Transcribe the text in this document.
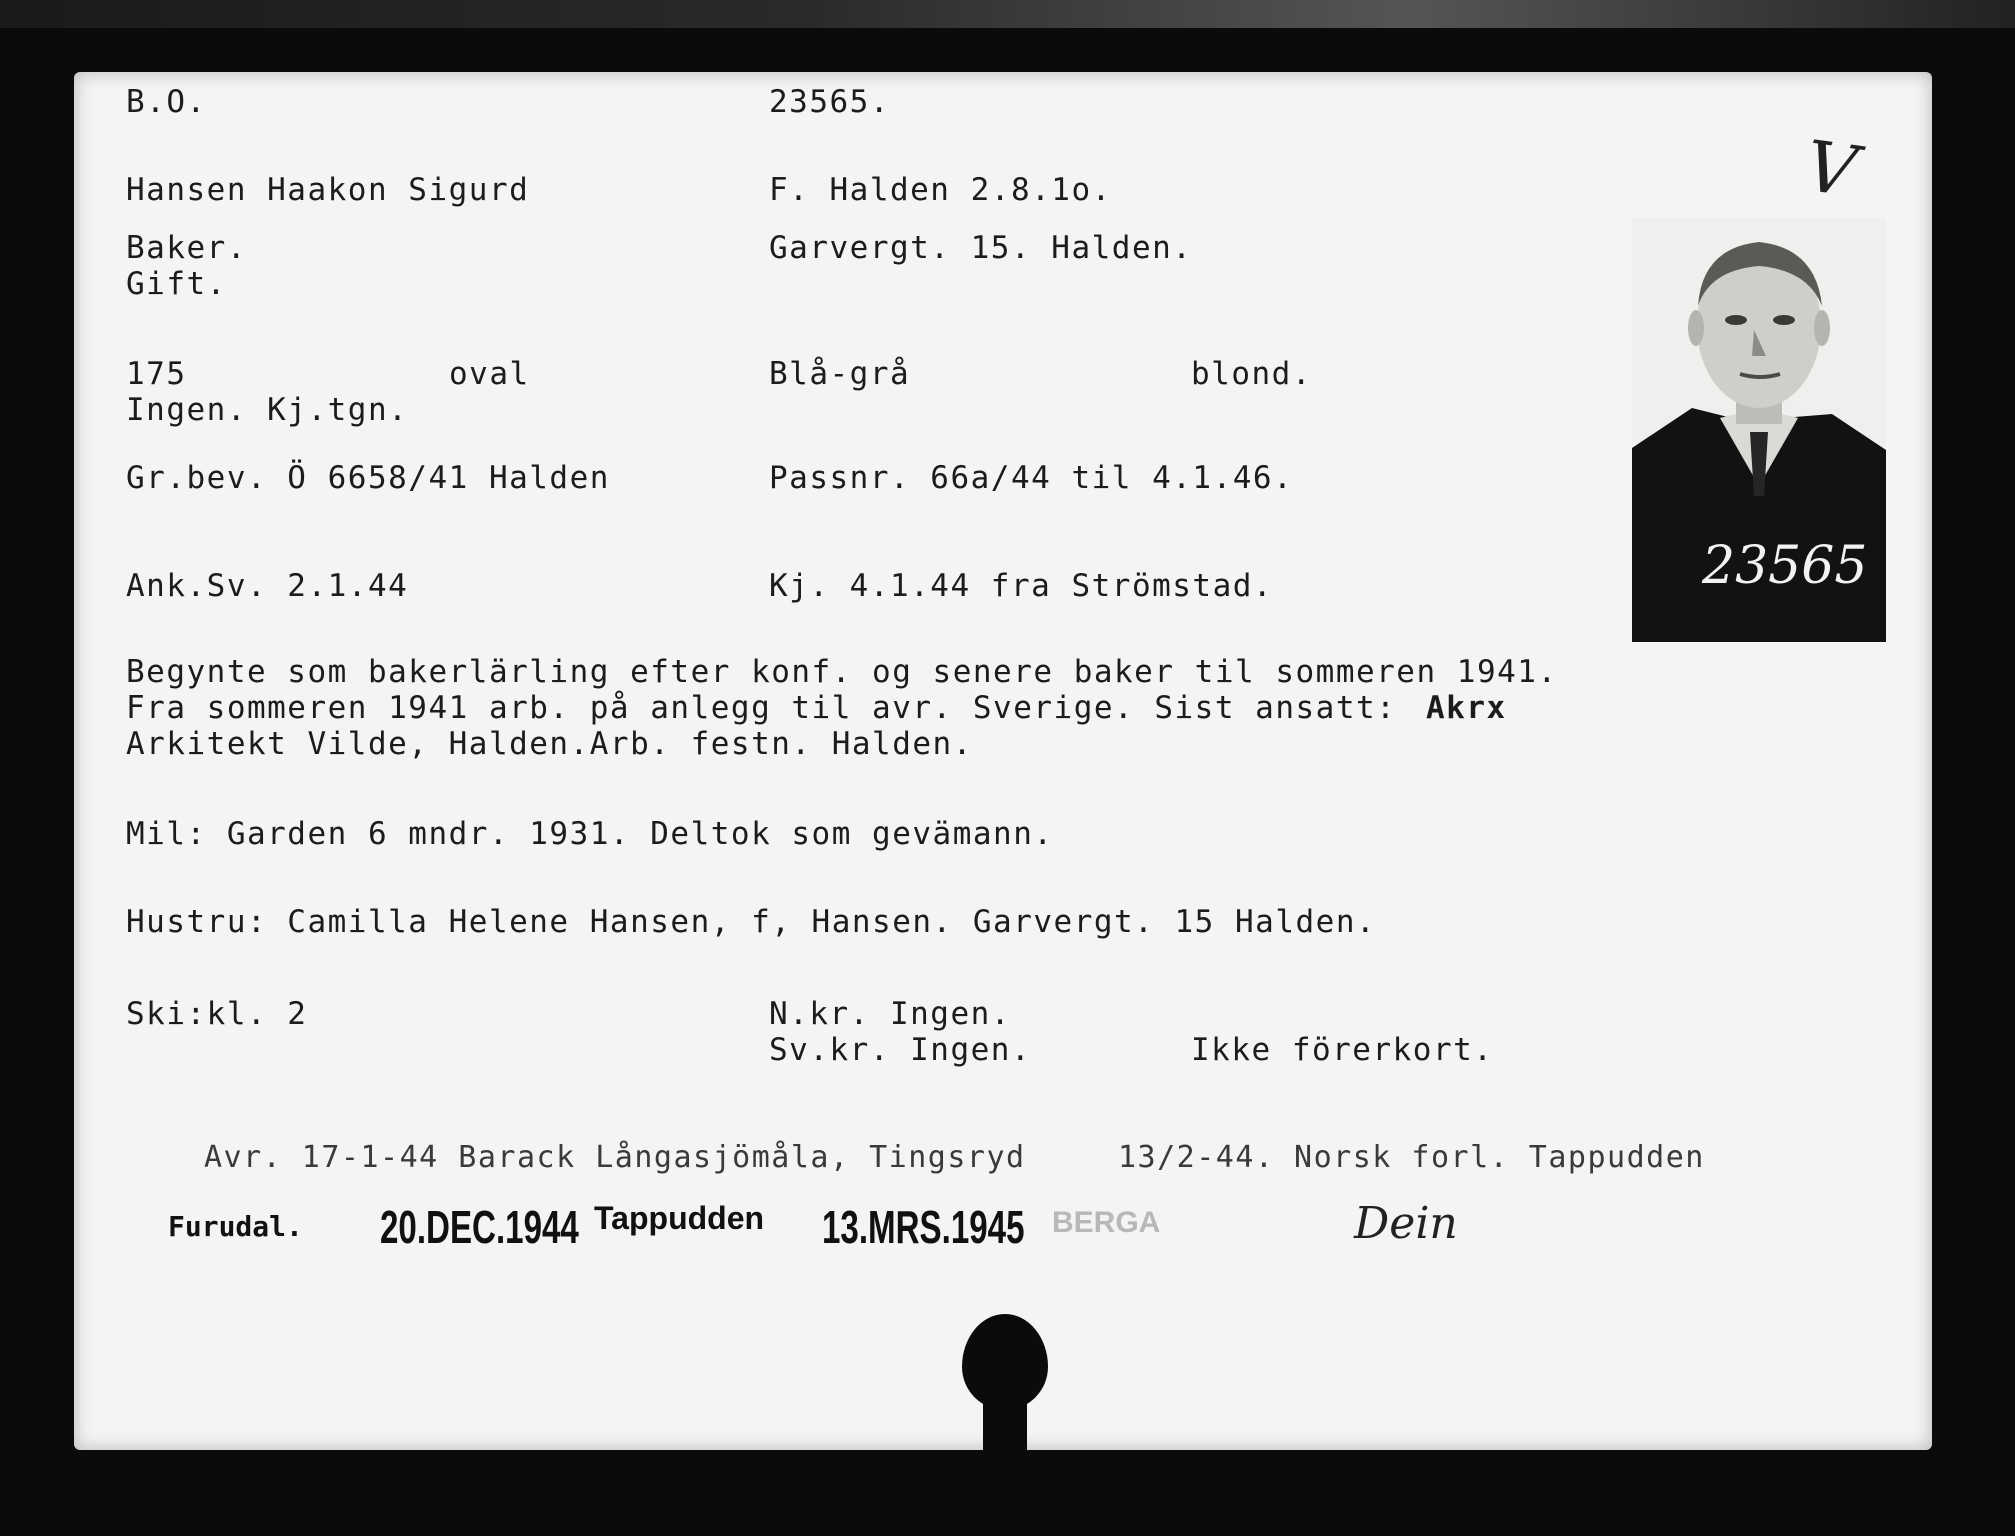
B.O.	23565.
V
Hansen Haakon Sigurd	F. Halden 2.8.1o.
Baker.	Garvergt. 15. Halden.
Gift.
175	oval	Blå-grå	blond.
Ingen. Kj.tgn.
Gr.bev. Ö 6658/41 Halden	Passnr. 66a/44 til 4.1.46.
Ank.Sv. 2.1.44	Kj. 4.1.44 fra Strömstad.
Begynte som bakerlärling efter konf. og senere baker til sommeren 1941.
Fra sommeren 1941 arb. på anlegg til avr. Sverige. Sist ansatt: Akrx
Arkitekt Vilde, Halden.Arb. festn. Halden.
Mil: Garden 6 mndr. 1931. Deltok som gevämann.
Hustru: Camilla Helene Hansen, f, Hansen. Garvergt. 15 Halden.
Ski:kl. 2	N.kr. Ingen.
Sv.kr. Ingen.	Ikke förerkort.
Avr. 17-1-44 Barack Långasjömåla, Tingsryd	13/2-44. Norsk forl. Tappudden
Furudal. 20.DEC.1944 Tappudden 13.MRS.1945 BERGA	Dein
23565
